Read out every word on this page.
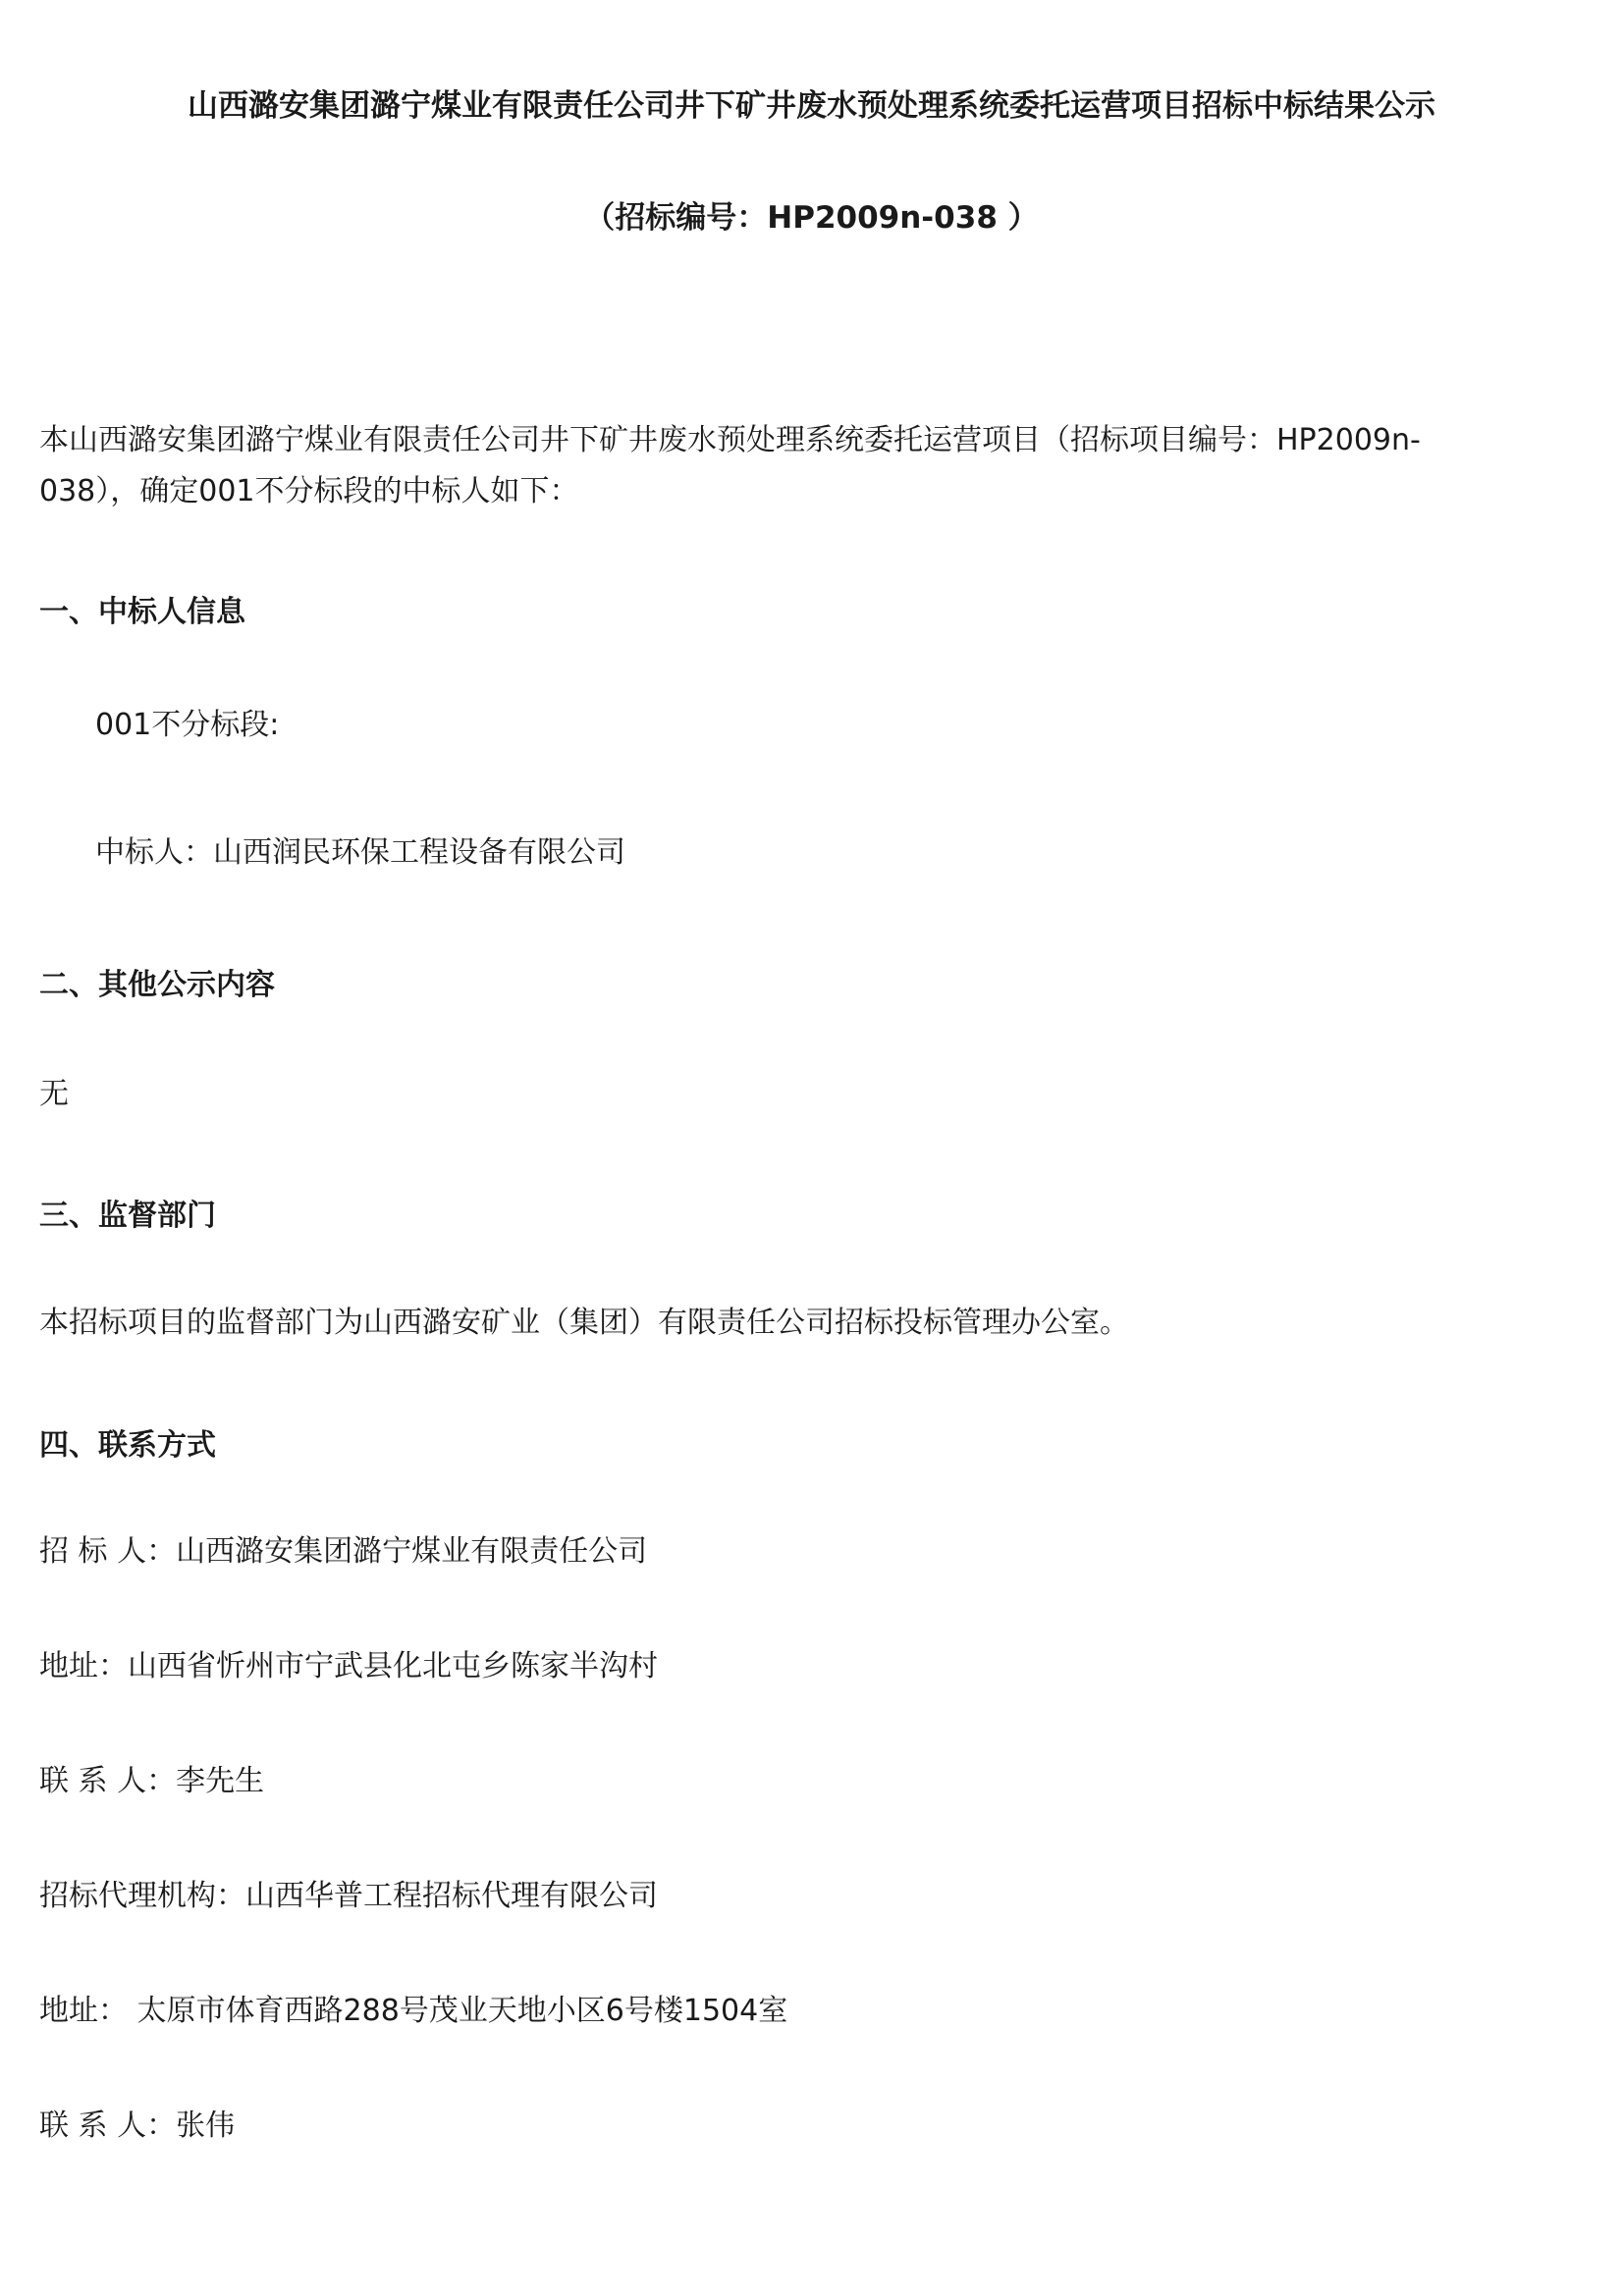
山西潞安集团潞宁煤业有限责任公司井下矿井废水预处理系统委托运营项目招标中标结果公示
（招标编号：HP2009n-038 ）
本山西潞安集团潞宁煤业有限责任公司井下矿井废水预处理系统委托运营项目（招标项目编号：HP2009n-
038），确定001不分标段的中标人如下：
一、中标人信息
001不分标段:
中标人：山西润民环保工程设备有限公司
二、其他公示内容
无
三、监督部门
本招标项目的监督部门为山西潞安矿业（集团）有限责任公司招标投标管理办公室。
四、联系方式
招 标 人：山西潞安集团潞宁煤业有限责任公司
地址：山西省忻州市宁武县化北屯乡陈家半沟村
联 系 人：李先生
招标代理机构：山西华普工程招标代理有限公司
地址： 太原市体育西路288号茂业天地小区6号楼1504室
联 系 人：张伟
